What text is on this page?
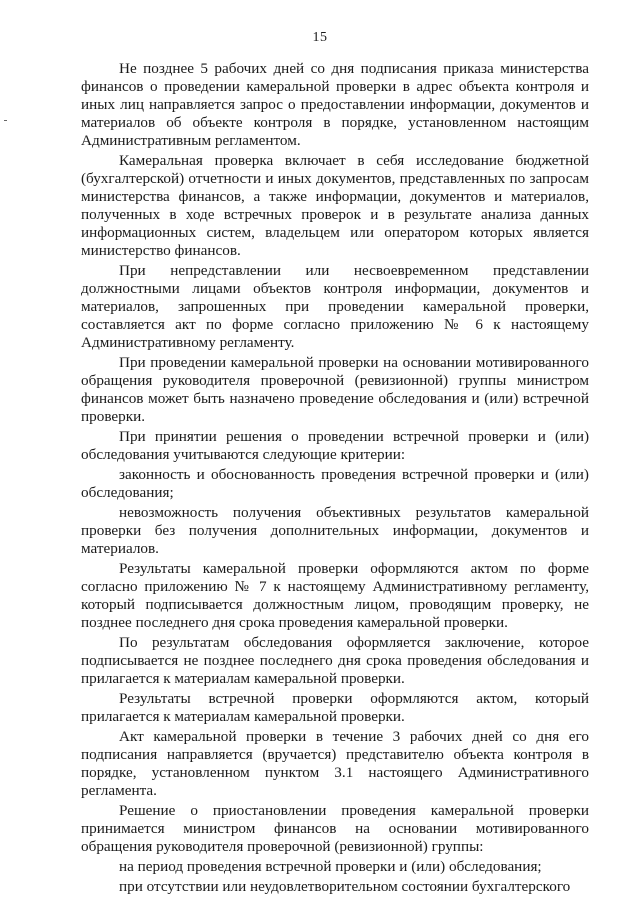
15

Не позднее 5 рабочих дней со дня подписания приказа министерства финансов о проведении камеральной проверки в адрес объекта контроля и иных лиц направляется запрос о предоставлении информации, документов и материалов об объекте контроля в порядке, установленном настоящим Административным регламентом.

Камеральная проверка включает в себя исследование бюджетной (бухгалтерской) отчетности и иных документов, представленных по запросам министерства финансов, а также информации, документов и материалов, полученных в ходе встречных проверок и в результате анализа данных информационных систем, владельцем или оператором которых является министерство финансов.

При непредставлении или несвоевременном представлении должностными лицами объектов контроля информации, документов и материалов, запрошенных при проведении камеральной проверки, составляется акт по форме согласно приложению № 6 к настоящему Административному регламенту.

При проведении камеральной проверки на основании мотивированного обращения руководителя проверочной (ревизионной) группы министром финансов может быть назначено проведение обследования и (или) встречной проверки.

При принятии решения о проведении встречной проверки и (или) обследования учитываются следующие критерии:

законность и обоснованность проведения встречной проверки и (или) обследования;

невозможность получения объективных результатов камеральной проверки без получения дополнительных информации, документов и материалов.

Результаты камеральной проверки оформляются актом по форме согласно приложению № 7 к настоящему Административному регламенту, который подписывается должностным лицом, проводящим проверку, не позднее последнего дня срока проведения камеральной проверки.

По результатам обследования оформляется заключение, которое подписывается не позднее последнего дня срока проведения обследования и прилагается к материалам камеральной проверки.

Результаты встречной проверки оформляются актом, который прилагается к материалам камеральной проверки.

Акт камеральной проверки в течение 3 рабочих дней со дня его подписания направляется (вручается) представителю объекта контроля в порядке, установленном пунктом 3.1 настоящего Административного регламента.

Решение о приостановлении проведения камеральной проверки принимается министром финансов на основании мотивированного обращения руководителя проверочной (ревизионной) группы:

на период проведения встречной проверки и (или) обследования;

при отсутствии или неудовлетворительном состоянии бухгалтерского
